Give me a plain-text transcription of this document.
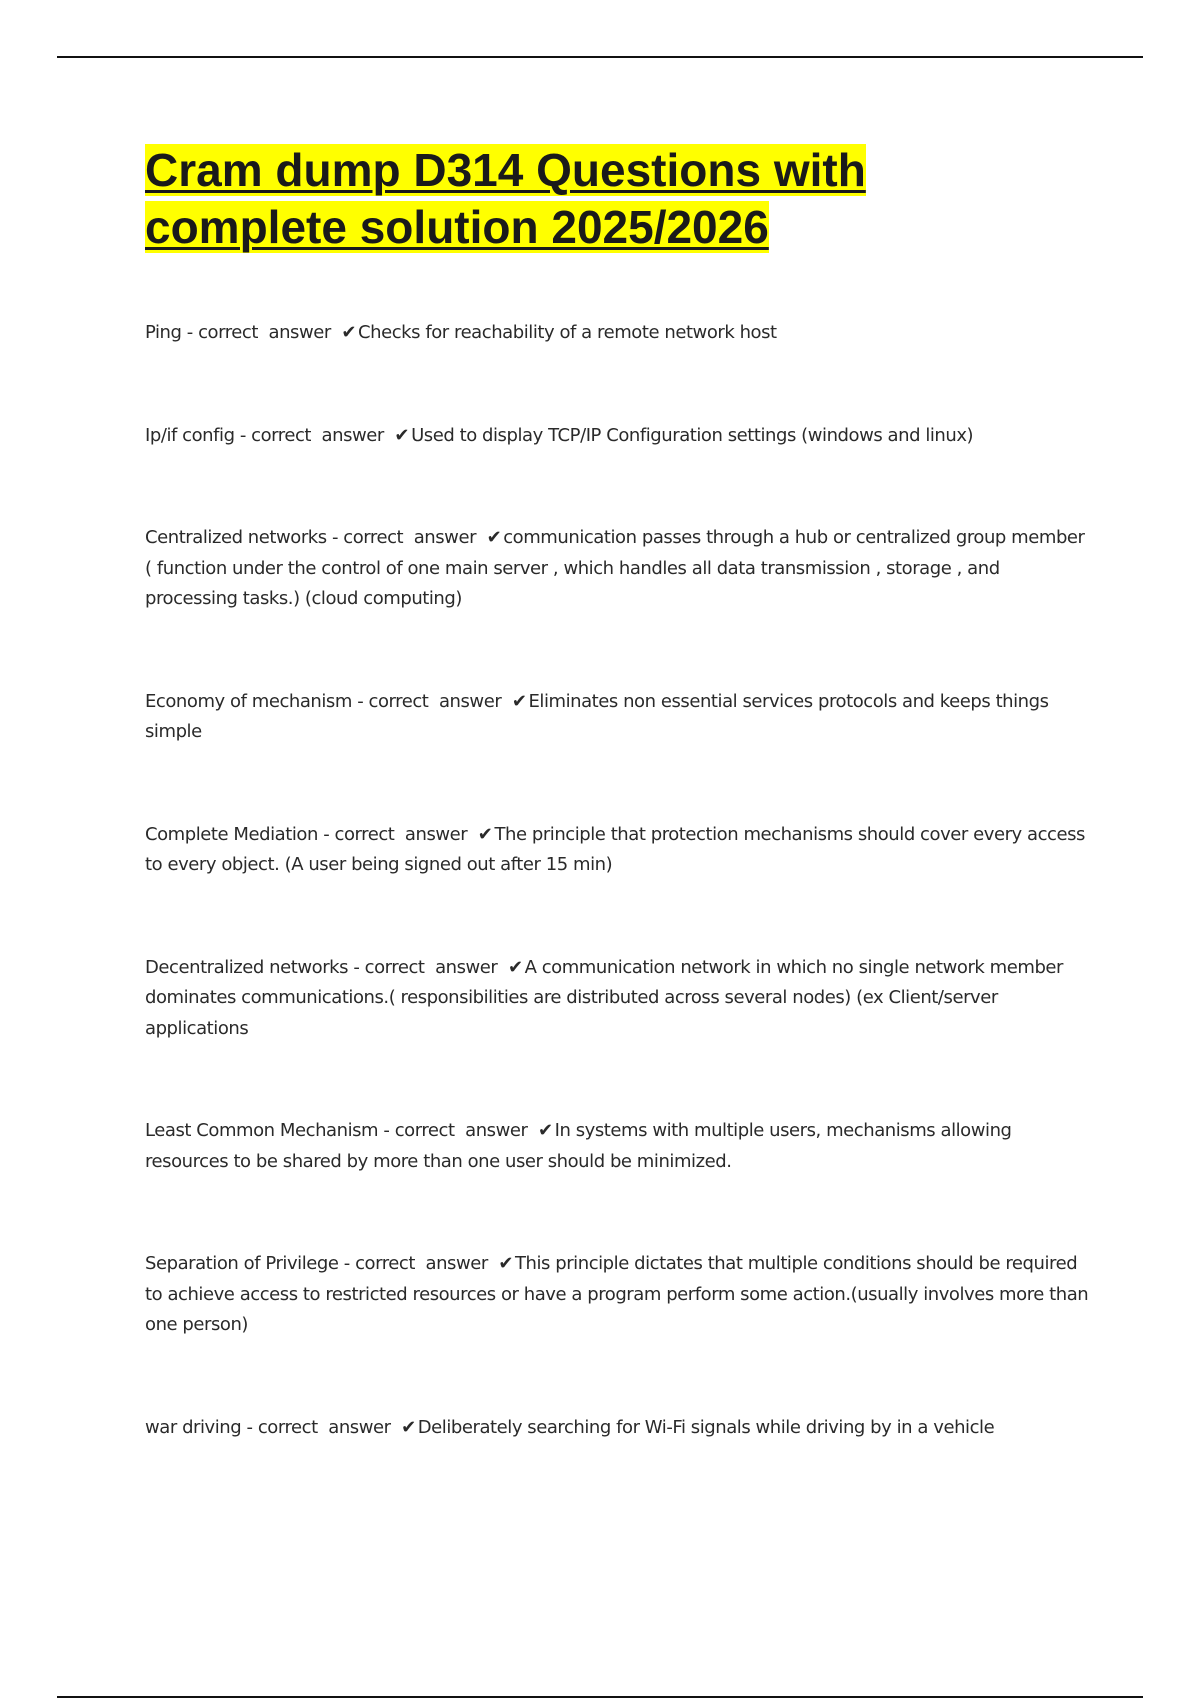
Cram dump D314 Questions with
complete solution 2025/2026

Ping - correct  answer  ✔ Checks for reachability of a remote network host

Ip/if config - correct  answer  ✔ Used to display TCP/IP Configuration settings (windows and linux)

Centralized networks - correct  answer  ✔ communication passes through a hub or centralized group member ( function under the control of one main server , which handles all data transmission , storage , and processing tasks.) (cloud computing)

Economy of mechanism - correct  answer  ✔ Eliminates non essential services protocols and keeps things simple

Complete Mediation - correct  answer  ✔ The principle that protection mechanisms should cover every access to every object. (A user being signed out after 15 min)

Decentralized networks - correct  answer  ✔ A communication network in which no single network member dominates communications.( responsibilities are distributed across several nodes) (ex Client/server applications

Least Common Mechanism - correct  answer  ✔ In systems with multiple users, mechanisms allowing resources to be shared by more than one user should be minimized.

Separation of Privilege - correct  answer  ✔ This principle dictates that multiple conditions should be required to achieve access to restricted resources or have a program perform some action.(usually involves more than one person)

war driving - correct  answer  ✔ Deliberately searching for Wi-Fi signals while driving by in a vehicle
